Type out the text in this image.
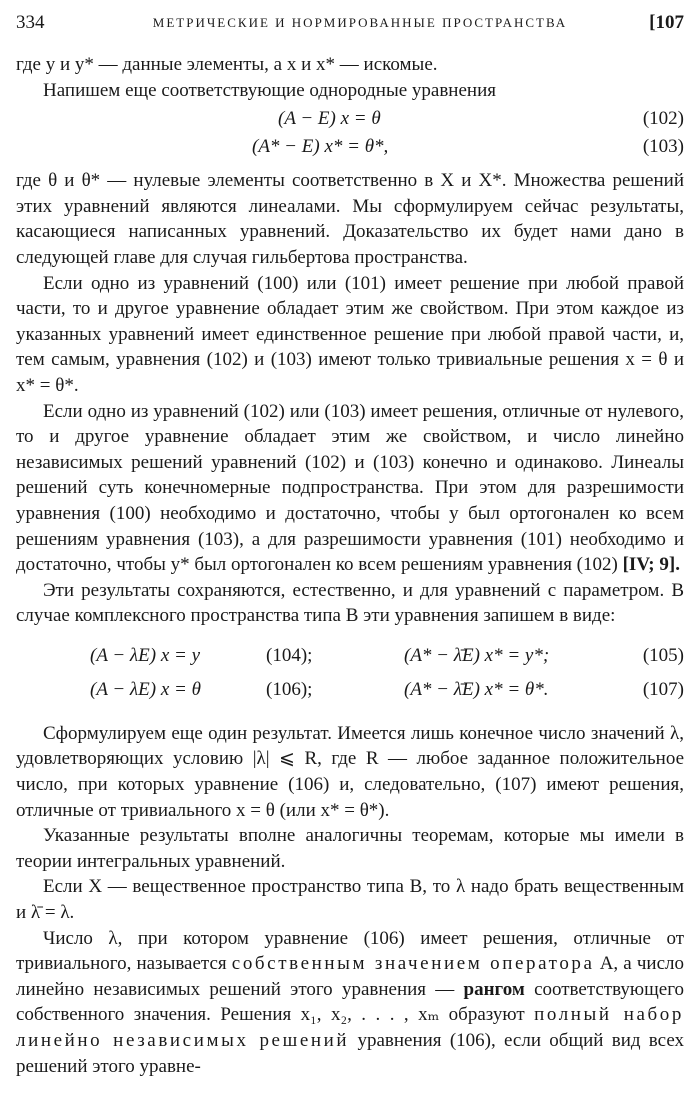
334	МЕТРИЧЕСКИЕ И НОРМИРОВАННЫЕ ПРОСТРАНСТВА	[107

где y и y* — данные элементы, а x и x* — искомые.

Напишем еще соответствующие однородные уравнения

(A − E) x = θ	(102)
(A* − E) x* = θ*,	(103)

где θ и θ* — нулевые элементы соответственно в X и X*. Множества решений этих уравнений являются линеалами. Мы сформулируем сейчас результаты, касающиеся написанных уравнений. Доказательство их будет нами дано в следующей главе для случая гильбертова пространства.

Если одно из уравнений (100) или (101) имеет решение при любой правой части, то и другое уравнение обладает этим же свойством. При этом каждое из указанных уравнений имеет единственное решение при любой правой части, и, тем самым, уравнения (102) и (103) имеют только тривиальные решения x = θ и x* = θ*.

Если одно из уравнений (102) или (103) имеет решения, отличные от нулевого, то и другое уравнение обладает этим же свойством, и число линейно независимых решений уравнений (102) и (103) конечно и одинаково. Линеалы решений суть конечномерные подпространства. При этом для разрешимости уравнения (100) необходимо и достаточно, чтобы y был ортогонален ко всем решениям уравнения (103), а для разрешимости уравнения (101) необходимо и достаточно, чтобы y* был ортогонален ко всем решениям уравнения (102) [IV; 9].

Эти результаты сохраняются, естественно, и для уравнений с параметром. В случае комплексного пространства типа B эти уравнения запишем в виде:

(A − λE) x = y	(104);	(A* − λ̄E) x* = y*;	(105)
(A − λE) x = θ	(106);	(A* − λ̄E) x* = θ*.	(107)

Сформулируем еще один результат. Имеется лишь конечное число значений λ, удовлетворяющих условию |λ| ⩽ R, где R — любое заданное положительное число, при которых уравнение (106) и, следовательно, (107) имеют решения, отличные от тривиального x = θ (или x* = θ*).

Указанные результаты вполне аналогичны теоремам, которые мы имели в теории интегральных уравнений.

Если X — вещественное пространство типа B, то λ надо брать вещественным и λ̄ = λ.

Число λ, при котором уравнение (106) имеет решения, отличные от тривиального, называется собственным значением оператора A, а число линейно независимых решений этого уравнения — рангом соответствующего собственного значения. Решения x₁, x₂, . . . , xₘ образуют полный набор линейно независимых решений уравнения (106), если общий вид всех решений этого уравне-
